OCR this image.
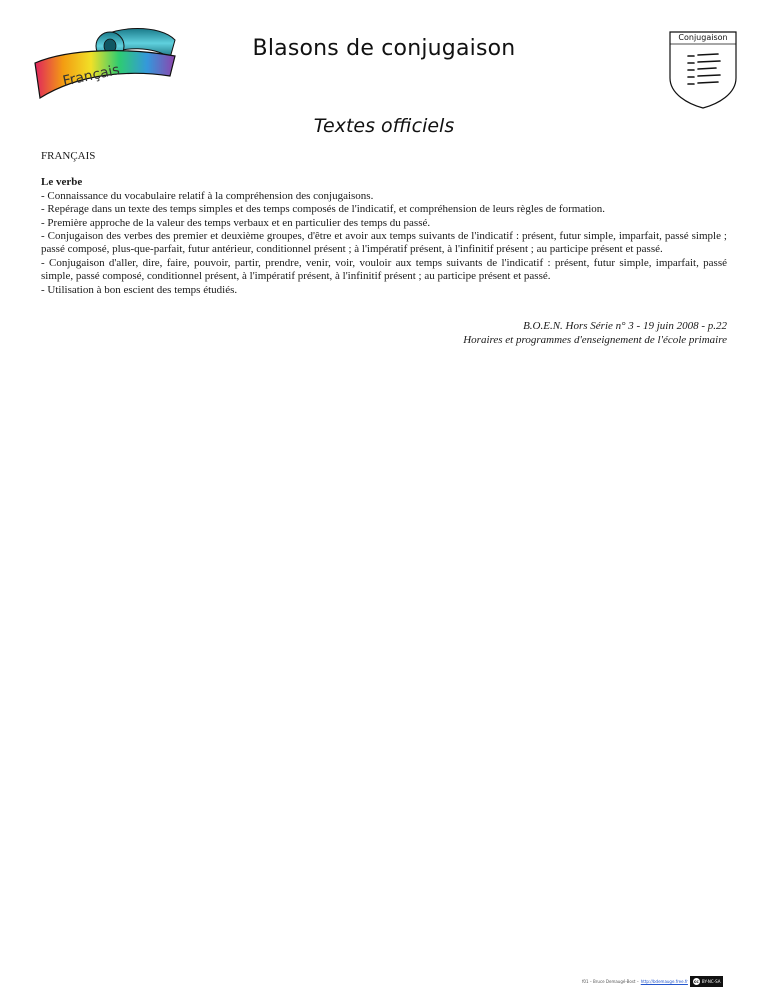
Français
Blasons de conjugaison	Conjugaison
Textes officiels

FRANÇAIS

Le verbe

- Connaissance du vocabulaire relatif à la compréhension des conjugaisons.

- Repérage dans un texte des temps simples et des temps composés de l'indicatif, et compréhension de leurs règles de formation.

- Première approche de la valeur des temps verbaux et en particulier des temps du passé.

- Conjugaison des verbes des premier et deuxième groupes, d'être et avoir aux temps suivants de l'indicatif : présent, futur simple, imparfait, passé simple ; passé composé, plus-que-parfait, futur antérieur, conditionnel présent ; à l'impératif présent, à l'infinitif présent ; au participe présent et passé.

- Conjugaison d'aller, dire, faire, pouvoir, partir, prendre, venir, voir, vouloir aux temps suivants de l'indicatif : présent, futur simple, imparfait, passé simple, passé composé, conditionnel présent, à l'impératif présent, à l'infinitif présent ; au participe présent et passé.

- Utilisation à bon escient des temps étudiés.

B.O.E.N. Hors Série n° 3 - 19 juin 2008 - p.22
Horaires et programmes d'enseignement de l'école primaire
f01 – Bruce Demaugé-Bost – http://bdemauge.free.fr cc BY-NC-SA
